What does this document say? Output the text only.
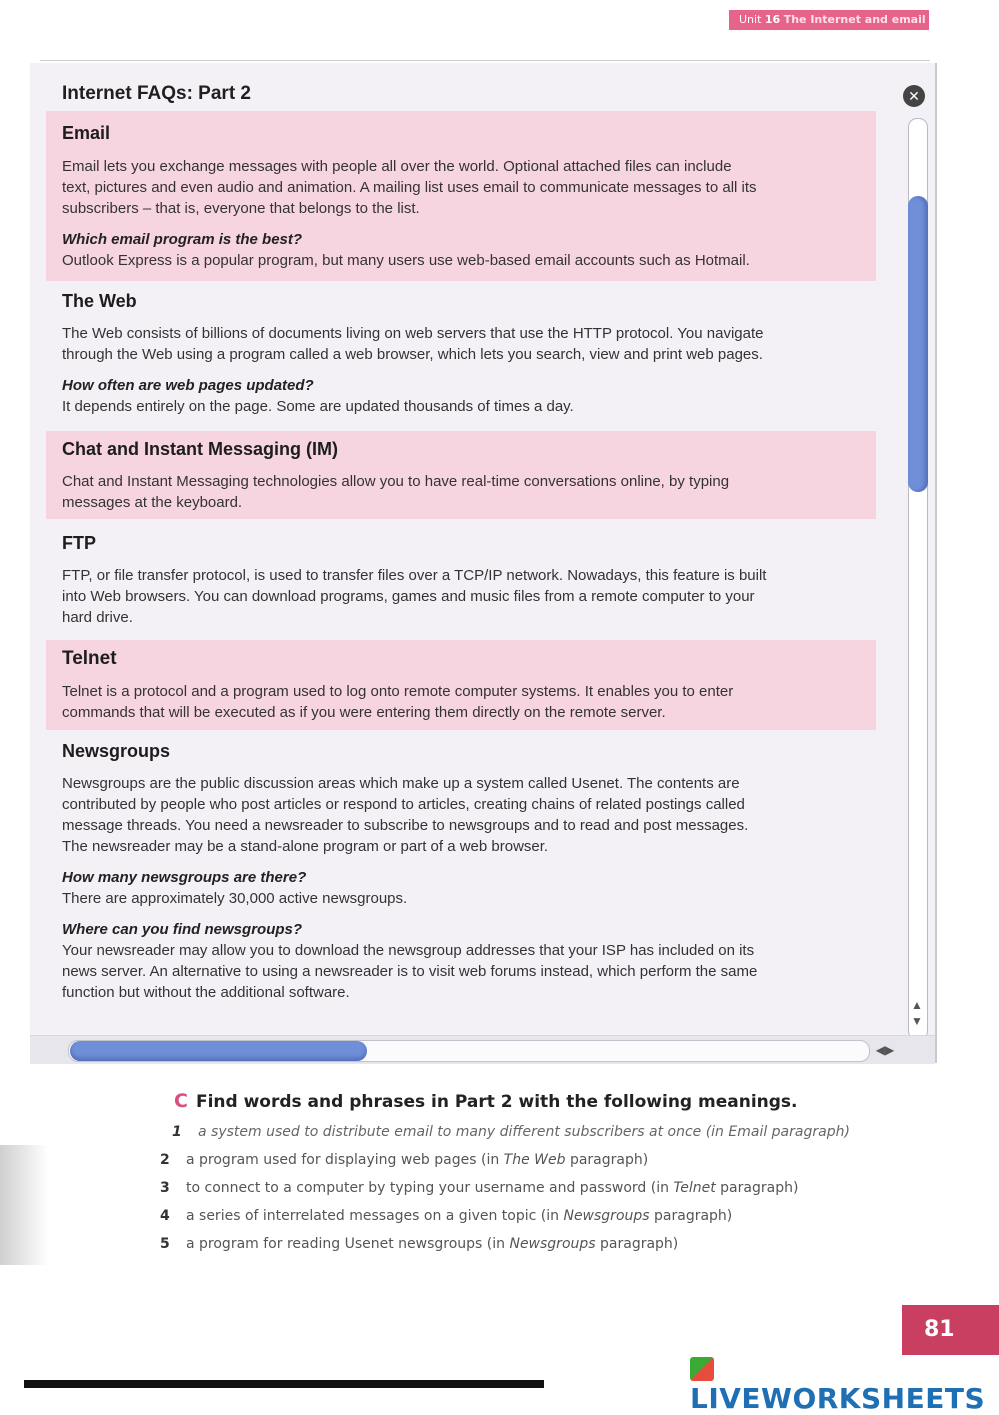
Unit 16 The Internet and email
Internet FAQs: Part 2
Email

Email lets you exchange messages with people all over the world. Optional attached files can include

text, pictures and even audio and animation. A mailing list uses email to communicate messages to all its

subscribers – that is, everyone that belongs to the list.

Which email program is the best?

Outlook Express is a popular program, but many users use web-based email accounts such as Hotmail.

The Web

The Web consists of billions of documents living on web servers that use the HTTP protocol. You navigate

through the Web using a program called a web browser, which lets you search, view and print web pages.

How often are web pages updated?

It depends entirely on the page. Some are updated thousands of times a day.

Chat and Instant Messaging (IM)

Chat and Instant Messaging technologies allow you to have real-time conversations online, by typing

messages at the keyboard.

FTP

FTP, or file transfer protocol, is used to transfer files over a TCP/IP network. Nowadays, this feature is built

into Web browsers. You can download programs, games and music files from a remote computer to your

hard drive.

Telnet

Telnet is a protocol and a program used to log onto remote computer systems. It enables you to enter

commands that will be executed as if you were entering them directly on the remote server.

Newsgroups

Newsgroups are the public discussion areas which make up a system called Usenet. The contents are

contributed by people who post articles or respond to articles, creating chains of related postings called

message threads. You need a newsreader to subscribe to newsgroups and to read and post messages.

The newsreader may be a stand-alone program or part of a web browser.

How many newsgroups are there?

There are approximately 30,000 active newsgroups.

Where can you find newsgroups?

Your newsreader may allow you to download the newsgroup addresses that your ISP has included on its

news server. An alternative to using a newsreader is to visit web forums instead, which perform the same

function but without the additional software.

✕
▲
▼
◀▶
C Find words and phrases in Part 2 with the following meanings.
1 a system used to distribute email to many different subscribers at once (in Email paragraph)
2 a program used for displaying web pages (in The Web paragraph)
3 to connect to a computer by typing your username and password (in Telnet paragraph)
4 a series of interrelated messages on a given topic (in Newsgroups paragraph)
5 a program for reading Usenet newsgroups (in Newsgroups paragraph)
81
LIVEWORKSHEETS
